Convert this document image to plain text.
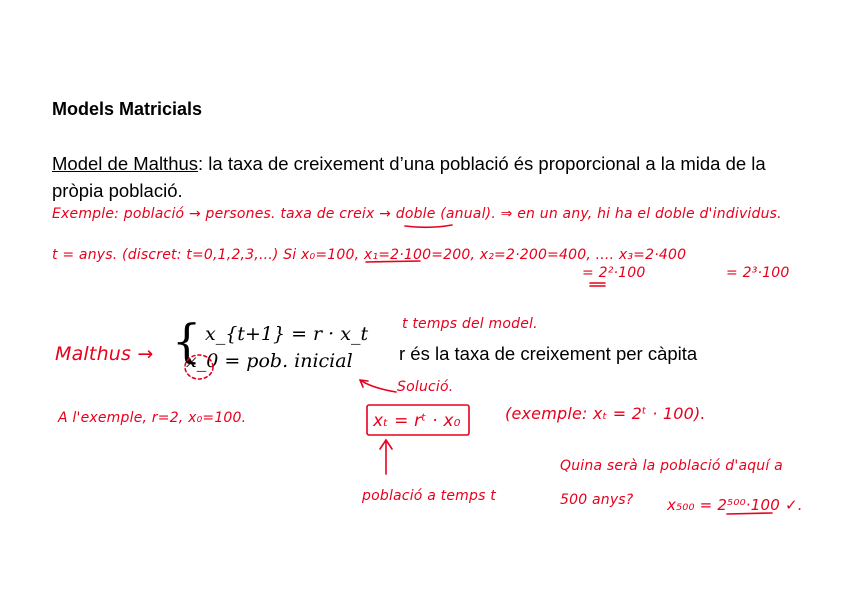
Models Matricials
Model de Malthus: la taxa de creixement d’una població és proporcional a la mida de la pròpia població.
{ x_{t+1} = r · x_t
x_0 = pob. inicial	r és la taxa de creixement per càpita
Exemple: població → persones. taxa de creix → doble (anual). ⇒ en un any, hi ha el doble d'individus.
t = anys. (discret: t=0,1,2,3,...) Si x₀=100, x₁=2·100=200, x₂=2·200=400, .... x₃=2·400
= 2²·100	= 2³·100
Malthus →
t temps del model.
Solució.
xₜ = rᵗ · x₀	(exemple: xₜ = 2ᵗ · 100).
A l'exemple, r=2, x₀=100.
població a temps t
Quina serà la població d'aquí a
500 anys? x₅₀₀ = 2⁵⁰⁰·100 ✓.
